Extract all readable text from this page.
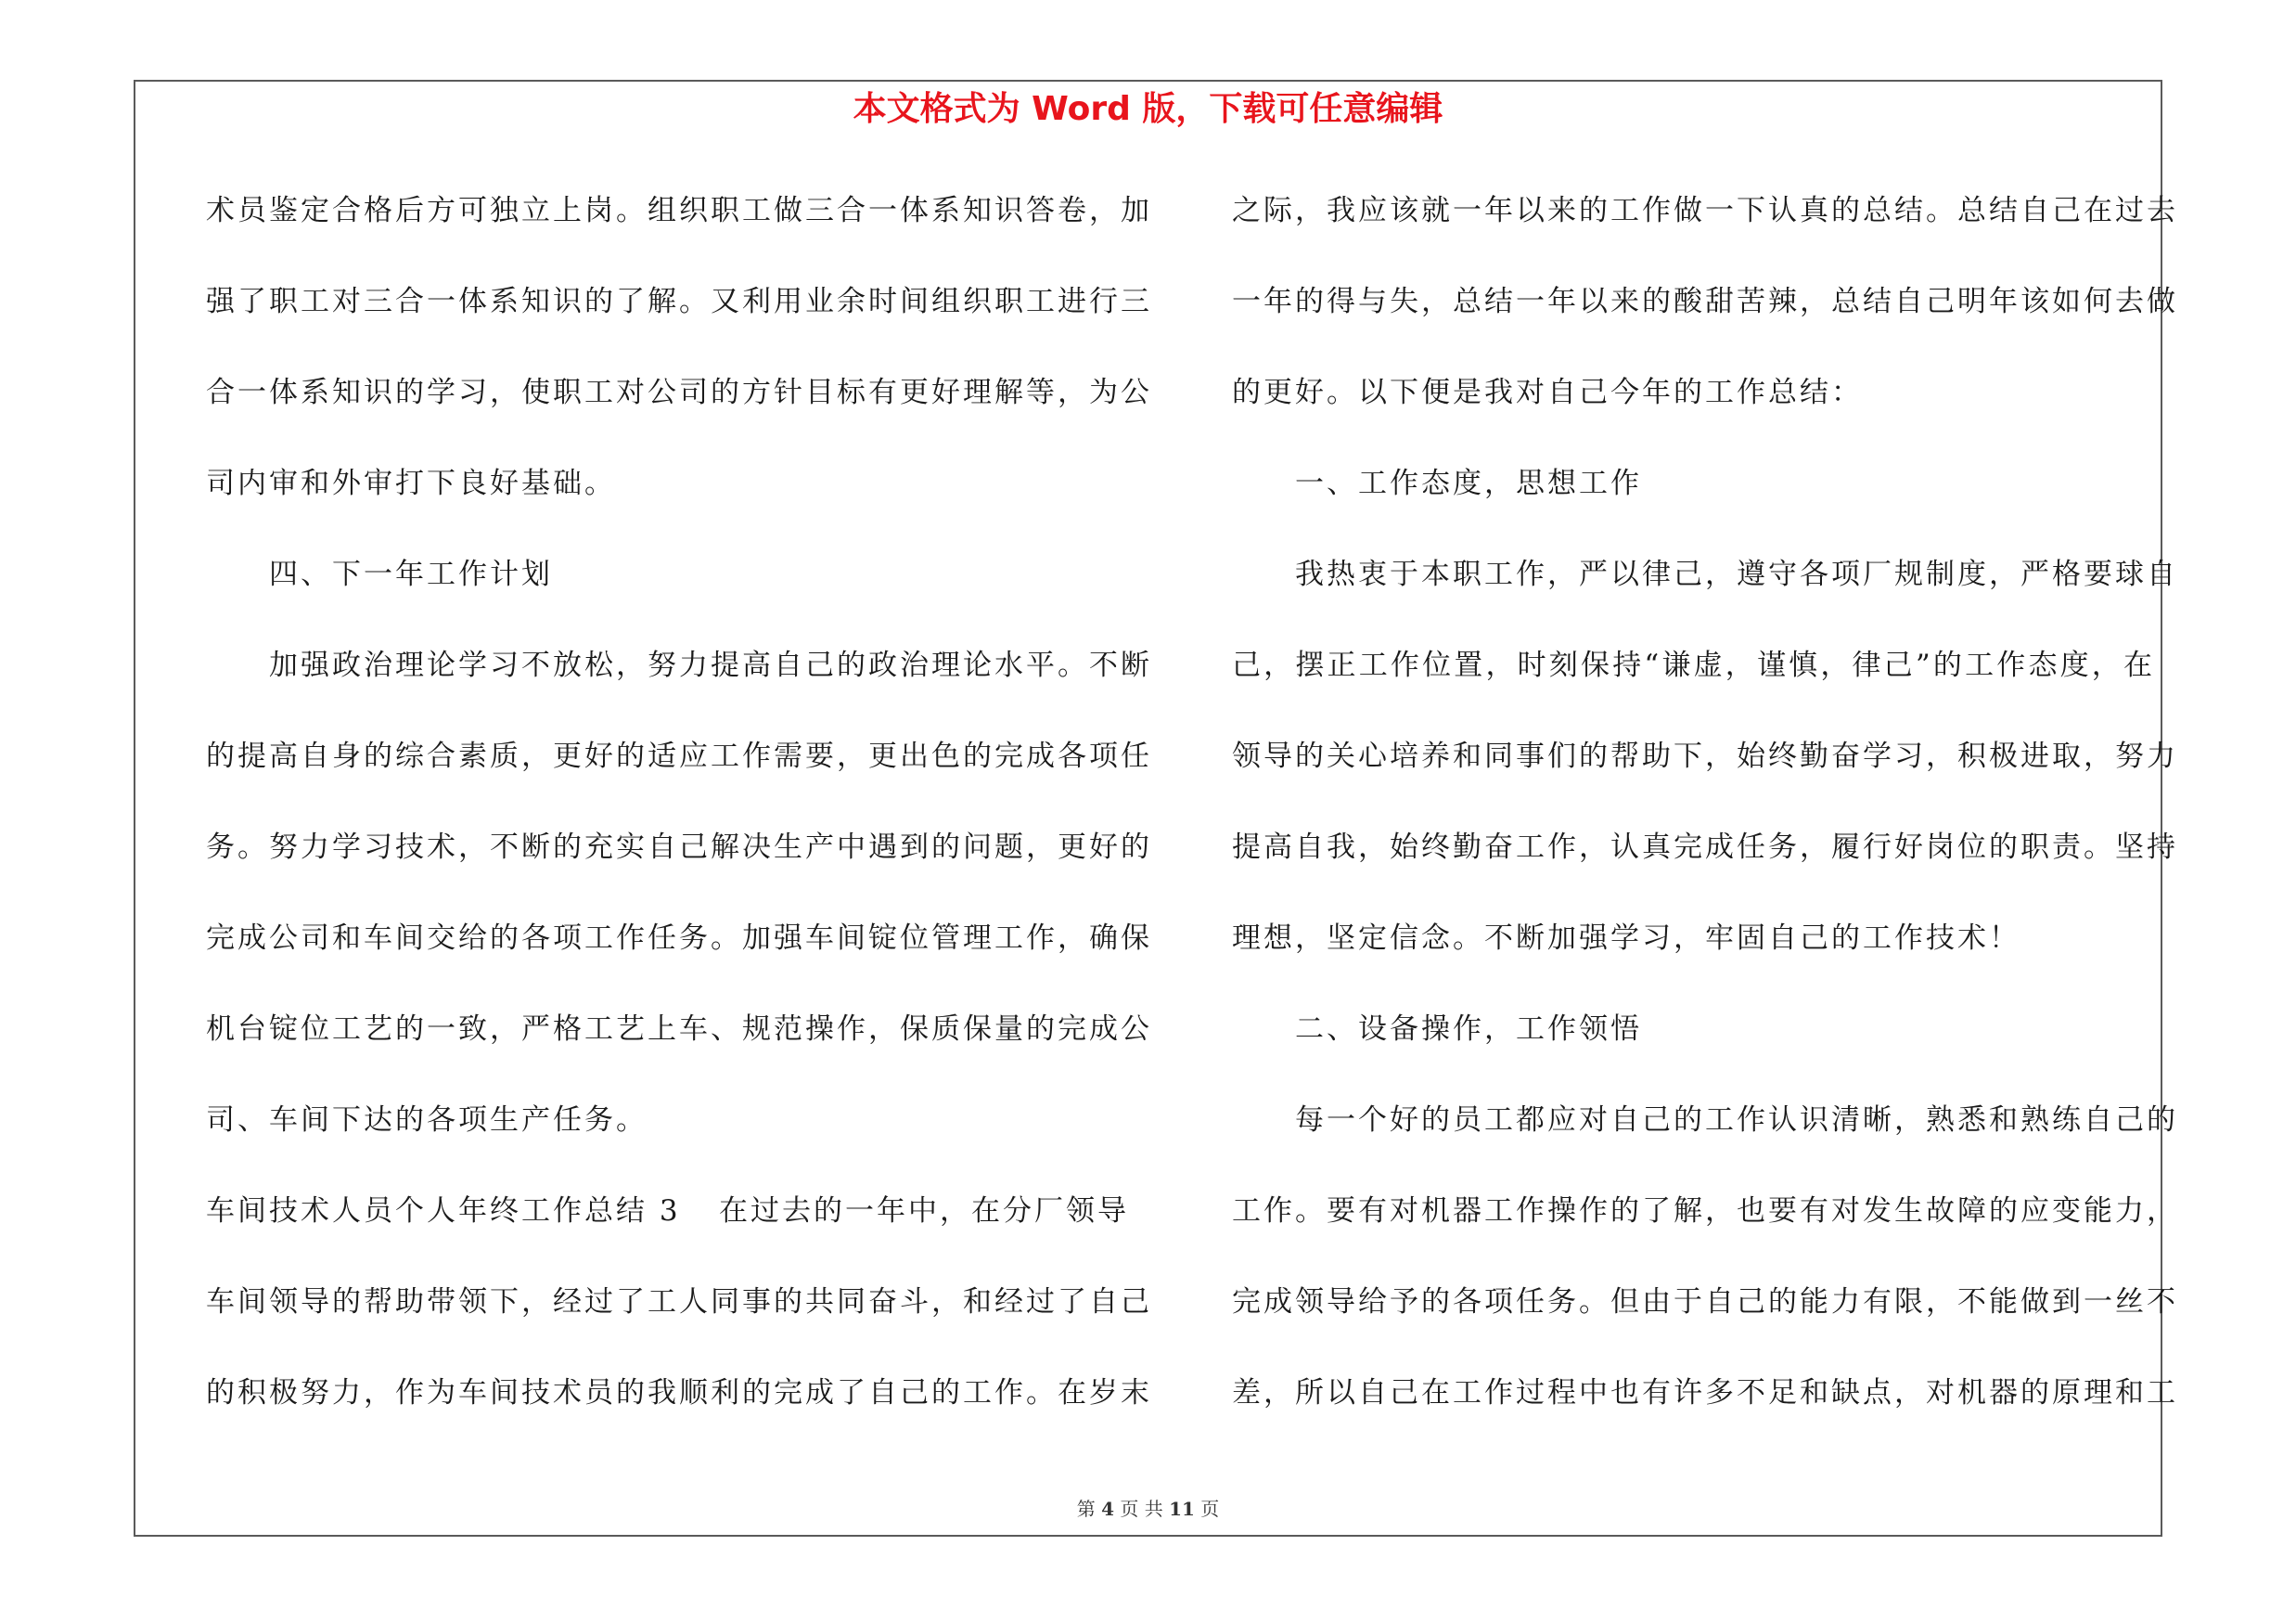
本文格式为 Word 版，下载可任意编辑
术员鉴定合格后方可独立上岗。组织职工做三合一体系知识答卷，加
强了职工对三合一体系知识的了解。又利用业余时间组织职工进行三
合一体系知识的学习，使职工对公司的方针目标有更好理解等，为公
司内审和外审打下良好基础。
四、下一年工作计划
加强政治理论学习不放松，努力提高自己的政治理论水平。不断
的提高自身的综合素质，更好的适应工作需要，更出色的完成各项任
务。努力学习技术，不断的充实自己解决生产中遇到的问题，更好的
完成公司和车间交给的各项工作任务。加强车间锭位管理工作，确保
机台锭位工艺的一致，严格工艺上车、规范操作，保质保量的完成公
司、车间下达的各项生产任务。
车间技术人员个人年终工作总结 3 在过去的一年中，在分厂领导
车间领导的帮助带领下，经过了工人同事的共同奋斗，和经过了自己
的积极努力，作为车间技术员的我顺利的完成了自己的工作。在岁末
之际，我应该就一年以来的工作做一下认真的总结。总结自己在过去
一年的得与失，总结一年以来的酸甜苦辣，总结自己明年该如何去做
的更好。以下便是我对自己今年的工作总结：
一、工作态度，思想工作
我热衷于本职工作，严以律己，遵守各项厂规制度，严格要球自
己，摆正工作位置，时刻保持“谦虚，谨慎，律己”的工作态度，在
领导的关心培养和同事们的帮助下，始终勤奋学习，积极进取，努力
提高自我，始终勤奋工作，认真完成任务，履行好岗位的职责。坚持
理想，坚定信念。不断加强学习，牢固自己的工作技术！
二、设备操作，工作领悟
每一个好的员工都应对自己的工作认识清晰，熟悉和熟练自己的
工作。要有对机器工作操作的了解，也要有对发生故障的应变能力，
完成领导给予的各项任务。但由于自己的能力有限，不能做到一丝不
差，所以自己在工作过程中也有许多不足和缺点，对机器的原理和工
第 4 页 共 11 页
